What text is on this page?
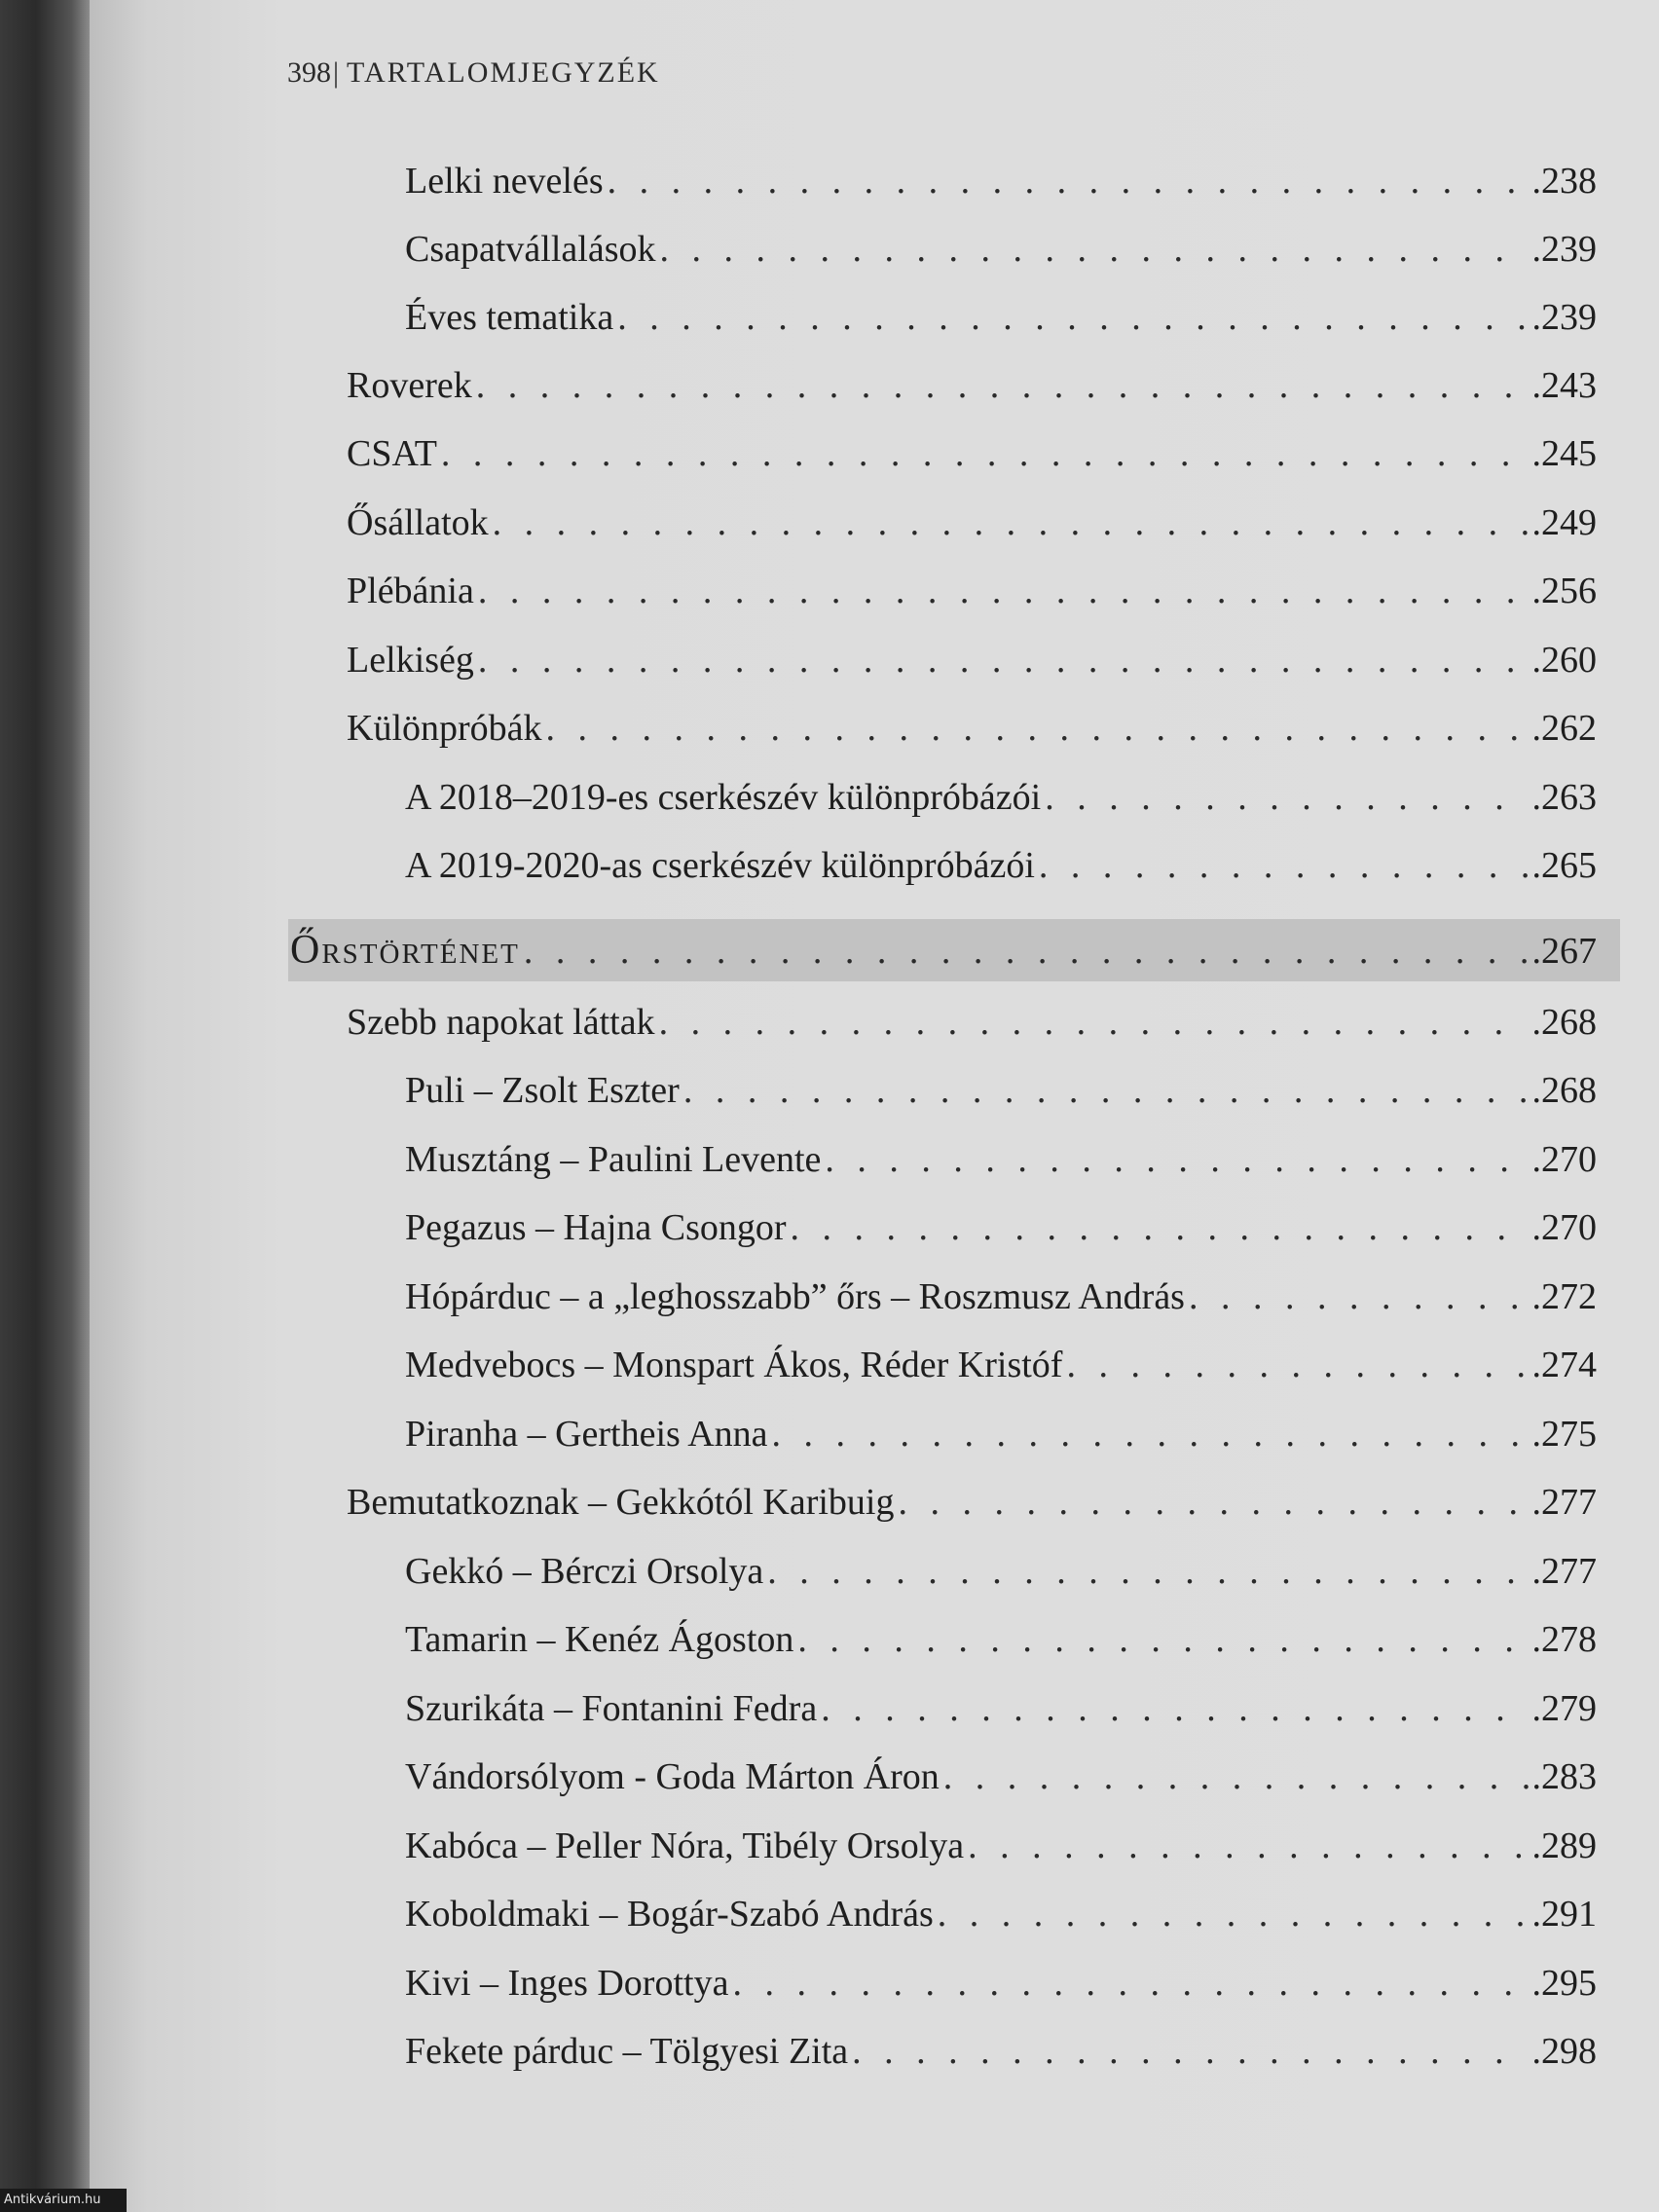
398| TARTALOMJEGYZÉK
Lelki nevelés . . .	.238
Csapatvállalások . . .	.239
Éves tematika . . .	.239
Roverek . . .	.243
CSAT . . .	.245
Ősállatok . . .	.249
Plébánia . . .	.256
Lelkiség . . .	.260
Különpróbák . . .	.262
A 2018–2019-es cserkészév különpróbázói . . .	.263
A 2019-2020-as cserkészév különpróbázói . . .	.265
Őrstörténet . . .	.267
Szebb napokat láttak . . .	.268
Puli – Zsolt Eszter . . .	.268
Musztáng – Paulini Levente . . .	.270
Pegazus – Hajna Csongor . . .	.270
Hópárduc – a „leghosszabb” őrs – Roszmusz András . . .	.272
Medvebocs – Monspart Ákos, Réder Kristóf . . .	.274
Piranha – Gertheis Anna . . .	.275
Bemutatkoznak – Gekkótól Karibuig . . .	.277
Gekkó – Bérczi Orsolya . . .	.277
Tamarin – Kenéz Ágoston . . .	.278
Szurikáta – Fontanini Fedra . . .	.279
Vándorsólyom - Goda Márton Áron . . .	.283
Kabóca – Peller Nóra, Tibély Orsolya . . .	.289
Koboldmaki – Bogár-Szabó András . . .	.291
Kivi – Inges Dorottya . . .	.295
Fekete párduc – Tölgyesi Zita . . .	.298
Antikvárium.hu
